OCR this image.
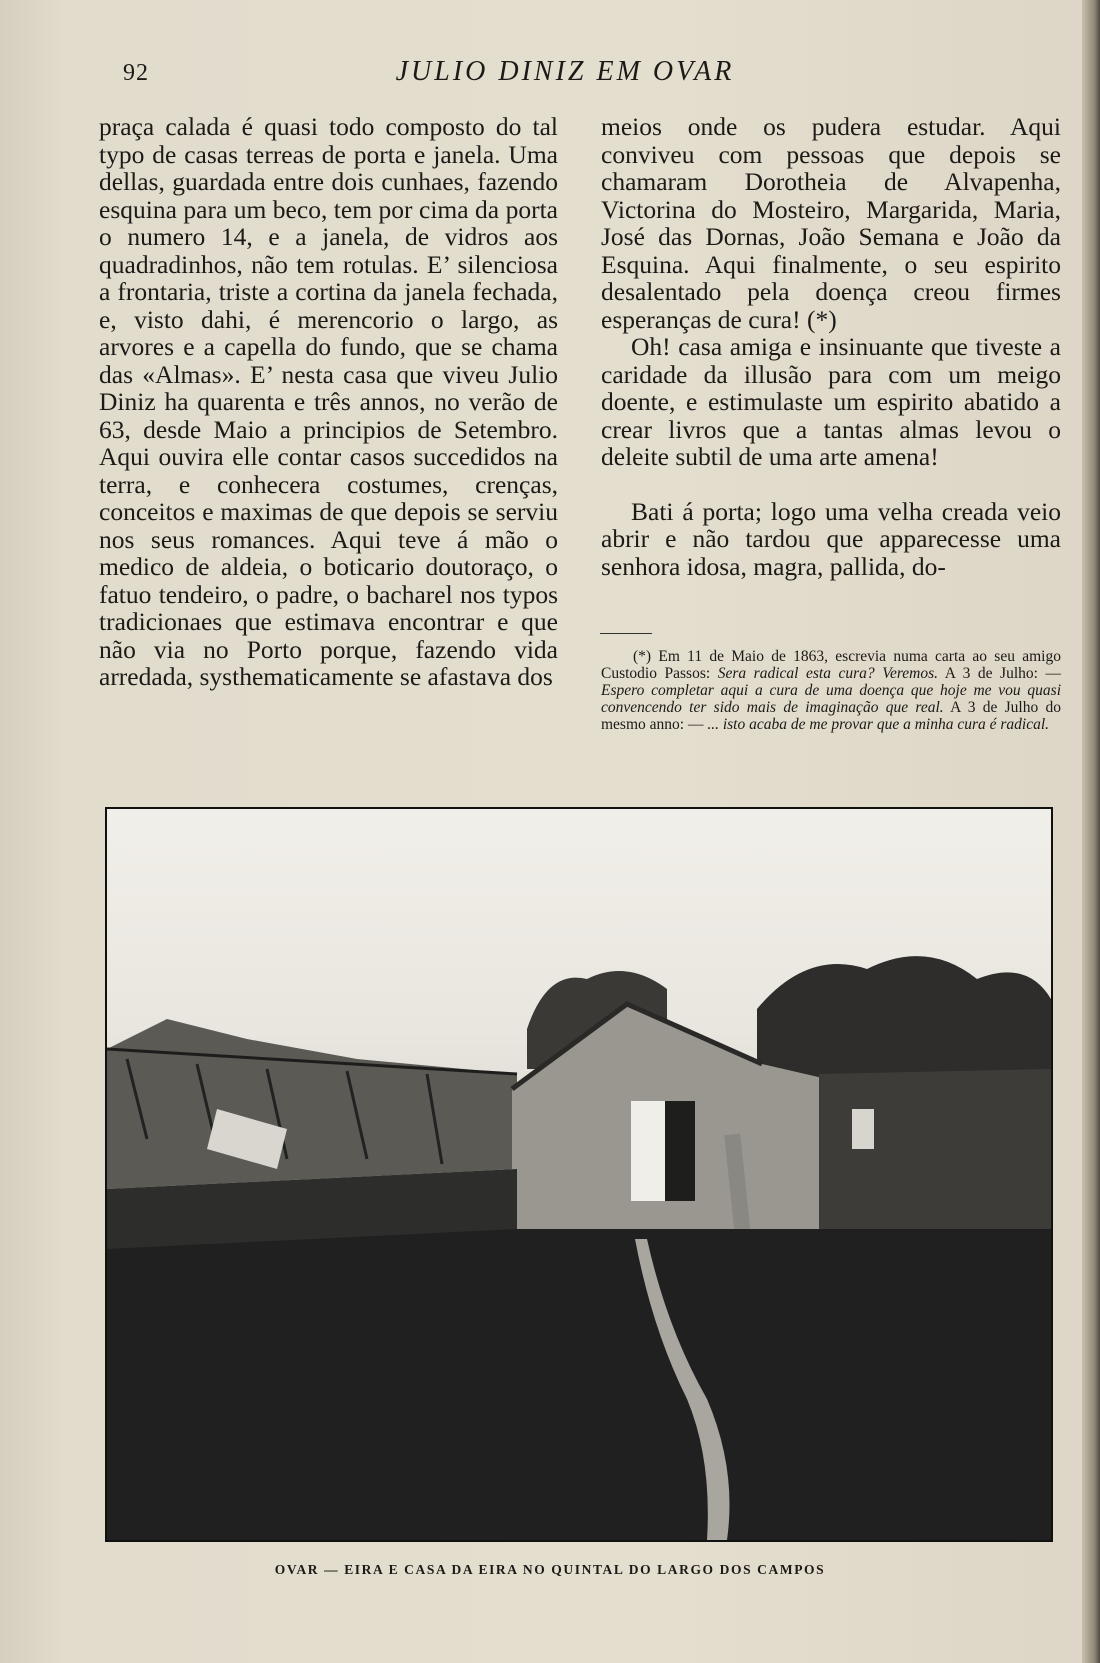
92	JULIO DINIZ EM OVAR

praça calada é quasi todo composto do tal typo de casas terreas de porta e janela. Uma dellas, guardada entre dois cunhaes, fazendo esquina para um beco, tem por cima da porta o numero 14, e a janela, de vidros aos quadradinhos, não tem rotulas. E’ silenciosa a frontaria, triste a cortina da janela fechada, e, visto dahi, é merencorio o largo, as arvores e a capella do fundo, que se chama das «Almas». E’ nesta casa que viveu Julio Diniz ha quarenta e três annos, no verão de 63, desde Maio a principios de Setembro. Aqui ouvira elle contar casos succedidos na terra, e conhecera costumes, crenças, conceitos e maximas de que depois se serviu nos seus romances. Aqui teve á mão o medico de aldeia, o boticario doutoraço, o fatuo tendeiro, o padre, o bacharel nos typos tradicionaes que estimava encontrar e que não via no Porto porque, fazendo vida arredada, systhematicamente se afastava dos

meios onde os pudera estudar. Aqui conviveu com pessoas que depois se chamaram Dorotheia de Alvapenha, Victorina do Mosteiro, Margarida, Maria, José das Dornas, João Semana e João da Esquina. Aqui finalmente, o seu espirito desalentado pela doença creou firmes esperanças de cura! (*)

Oh! casa amiga e insinuante que tiveste a caridade da illusão para com um meigo doente, e estimulaste um espirito abatido a crear livros que a tantas almas levou o deleite subtil de uma arte amena!

Bati á porta; logo uma velha creada veio abrir e não tardou que apparecesse uma senhora idosa, magra, pallida, do-

(*) Em 11 de Maio de 1863, escrevia numa carta ao seu amigo Custodio Passos: Sera radical esta cura? Veremos. A 3 de Julho: — Espero completar aqui a cura de uma doença que hoje me vou quasi convencendo ter sido mais de imaginação que real. A 3 de Julho do mesmo anno: — ... isto acaba de me provar que a minha cura é radical.

OVAR — EIRA E CASA DA EIRA NO QUINTAL DO LARGO DOS CAMPOS
